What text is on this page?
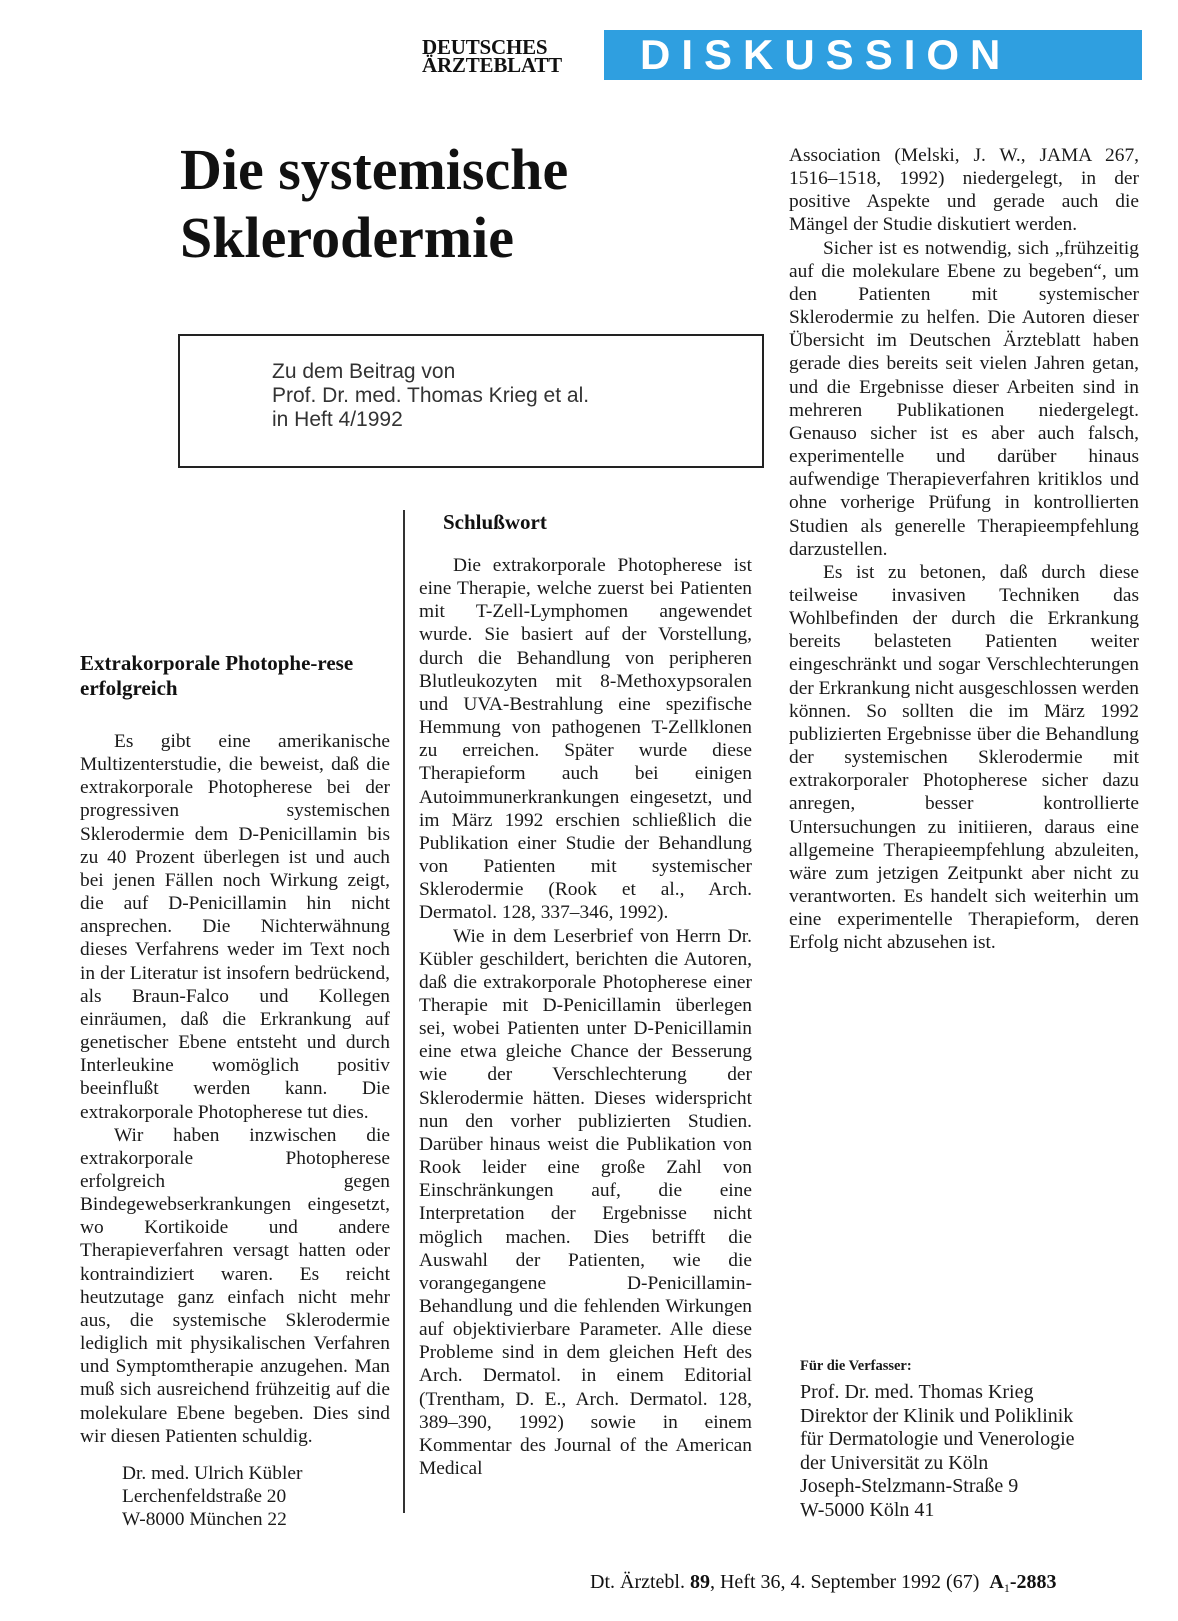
DEUTSCHES
ÄRZTEBLATT	DISKUSSION
Die systemische
Sklerodermie
Zu dem Beitrag von
Prof. Dr. med. Thomas Krieg et al.
in Heft 4/1992
Extrakorporale Photophe-rese erfolgreich

Es gibt eine amerikanische Multizenterstudie, die beweist, daß die extrakorporale Photopherese bei der progressiven systemischen Sklerodermie dem D-Penicillamin bis zu 40 Prozent überlegen ist und auch bei jenen Fällen noch Wirkung zeigt, die auf D-Penicillamin hin nicht ansprechen. Die Nichterwähnung dieses Verfahrens weder im Text noch in der Literatur ist insofern bedrückend, als Braun-Falco und Kollegen einräumen, daß die Erkrankung auf genetischer Ebene entsteht und durch Interleukine womöglich positiv beeinflußt werden kann. Die extrakorporale Photopherese tut dies.

Wir haben inzwischen die extrakorporale Photopherese erfolgreich gegen Bindegewebserkrankungen eingesetzt, wo Kortikoide und andere Therapieverfahren versagt hatten oder kontraindiziert waren. Es reicht heutzutage ganz einfach nicht mehr aus, die systemische Sklerodermie lediglich mit physikalischen Verfahren und Symptomtherapie anzugehen. Man muß sich ausreichend frühzeitig auf die molekulare Ebene begeben. Dies sind wir diesen Patienten schuldig.

Dr. med. Ulrich Kübler
Lerchenfeldstraße 20
W-8000 München 22
Schlußwort

Die extrakorporale Photopherese ist eine Therapie, welche zuerst bei Patienten mit T-Zell-Lymphomen angewendet wurde. Sie basiert auf der Vorstellung, durch die Behandlung von peripheren Blutleukozyten mit 8-Methoxypsoralen und UVA-Bestrahlung eine spezifische Hemmung von pathogenen T-Zellklonen zu erreichen. Später wurde diese Therapieform auch bei einigen Autoimmunerkrankungen eingesetzt, und im März 1992 erschien schließlich die Publikation einer Studie der Behandlung von Patienten mit systemischer Sklerodermie (Rook et al., Arch. Dermatol. 128, 337–346, 1992).

Wie in dem Leserbrief von Herrn Dr. Kübler geschildert, berichten die Autoren, daß die extrakorporale Photopherese einer Therapie mit D-Penicillamin überlegen sei, wobei Patienten unter D-Penicillamin eine etwa gleiche Chance der Besserung wie der Verschlechterung der Sklerodermie hätten. Dieses widerspricht nun den vorher publizierten Studien. Darüber hinaus weist die Publikation von Rook leider eine große Zahl von Einschränkungen auf, die eine Interpretation der Ergebnisse nicht möglich machen. Dies betrifft die Auswahl der Patienten, wie die vorangegangene D-Penicillamin-Behandlung und die fehlenden Wirkungen auf objektivierbare Parameter. Alle diese Probleme sind in dem gleichen Heft des Arch. Dermatol. in einem Editorial (Trentham, D. E., Arch. Dermatol. 128, 389–390, 1992) sowie in einem Kommentar des Journal of the American Medical

Association (Melski, J. W., JAMA 267, 1516–1518, 1992) niedergelegt, in der positive Aspekte und gerade auch die Mängel der Studie diskutiert werden.

Sicher ist es notwendig, sich „frühzeitig auf die molekulare Ebene zu begeben“, um den Patienten mit systemischer Sklerodermie zu helfen. Die Autoren dieser Übersicht im Deutschen Ärzteblatt haben gerade dies bereits seit vielen Jahren getan, und die Ergebnisse dieser Arbeiten sind in mehreren Publikationen niedergelegt. Genauso sicher ist es aber auch falsch, experimentelle und darüber hinaus aufwendige Therapieverfahren kritiklos und ohne vorherige Prüfung in kontrollierten Studien als generelle Therapieempfehlung darzustellen.

Es ist zu betonen, daß durch diese teilweise invasiven Techniken das Wohlbefinden der durch die Erkrankung bereits belasteten Patienten weiter eingeschränkt und sogar Verschlechterungen der Erkrankung nicht ausgeschlossen werden können. So sollten die im März 1992 publizierten Ergebnisse über die Behandlung der systemischen Sklerodermie mit extrakorporaler Photopherese sicher dazu anregen, besser kontrollierte Untersuchungen zu initiieren, daraus eine allgemeine Therapieempfehlung abzuleiten, wäre zum jetzigen Zeitpunkt aber nicht zu verantworten. Es handelt sich weiterhin um eine experimentelle Therapieform, deren Erfolg nicht abzusehen ist.

Für die Verfasser:
Prof. Dr. med. Thomas Krieg
Direktor der Klinik und Poliklinik
für Dermatologie und Venerologie
der Universität zu Köln
Joseph-Stelzmann-Straße 9
W-5000 Köln 41
Dt. Ärztebl. 89, Heft 36, 4. September 1992 (67) $A_1-2883$
